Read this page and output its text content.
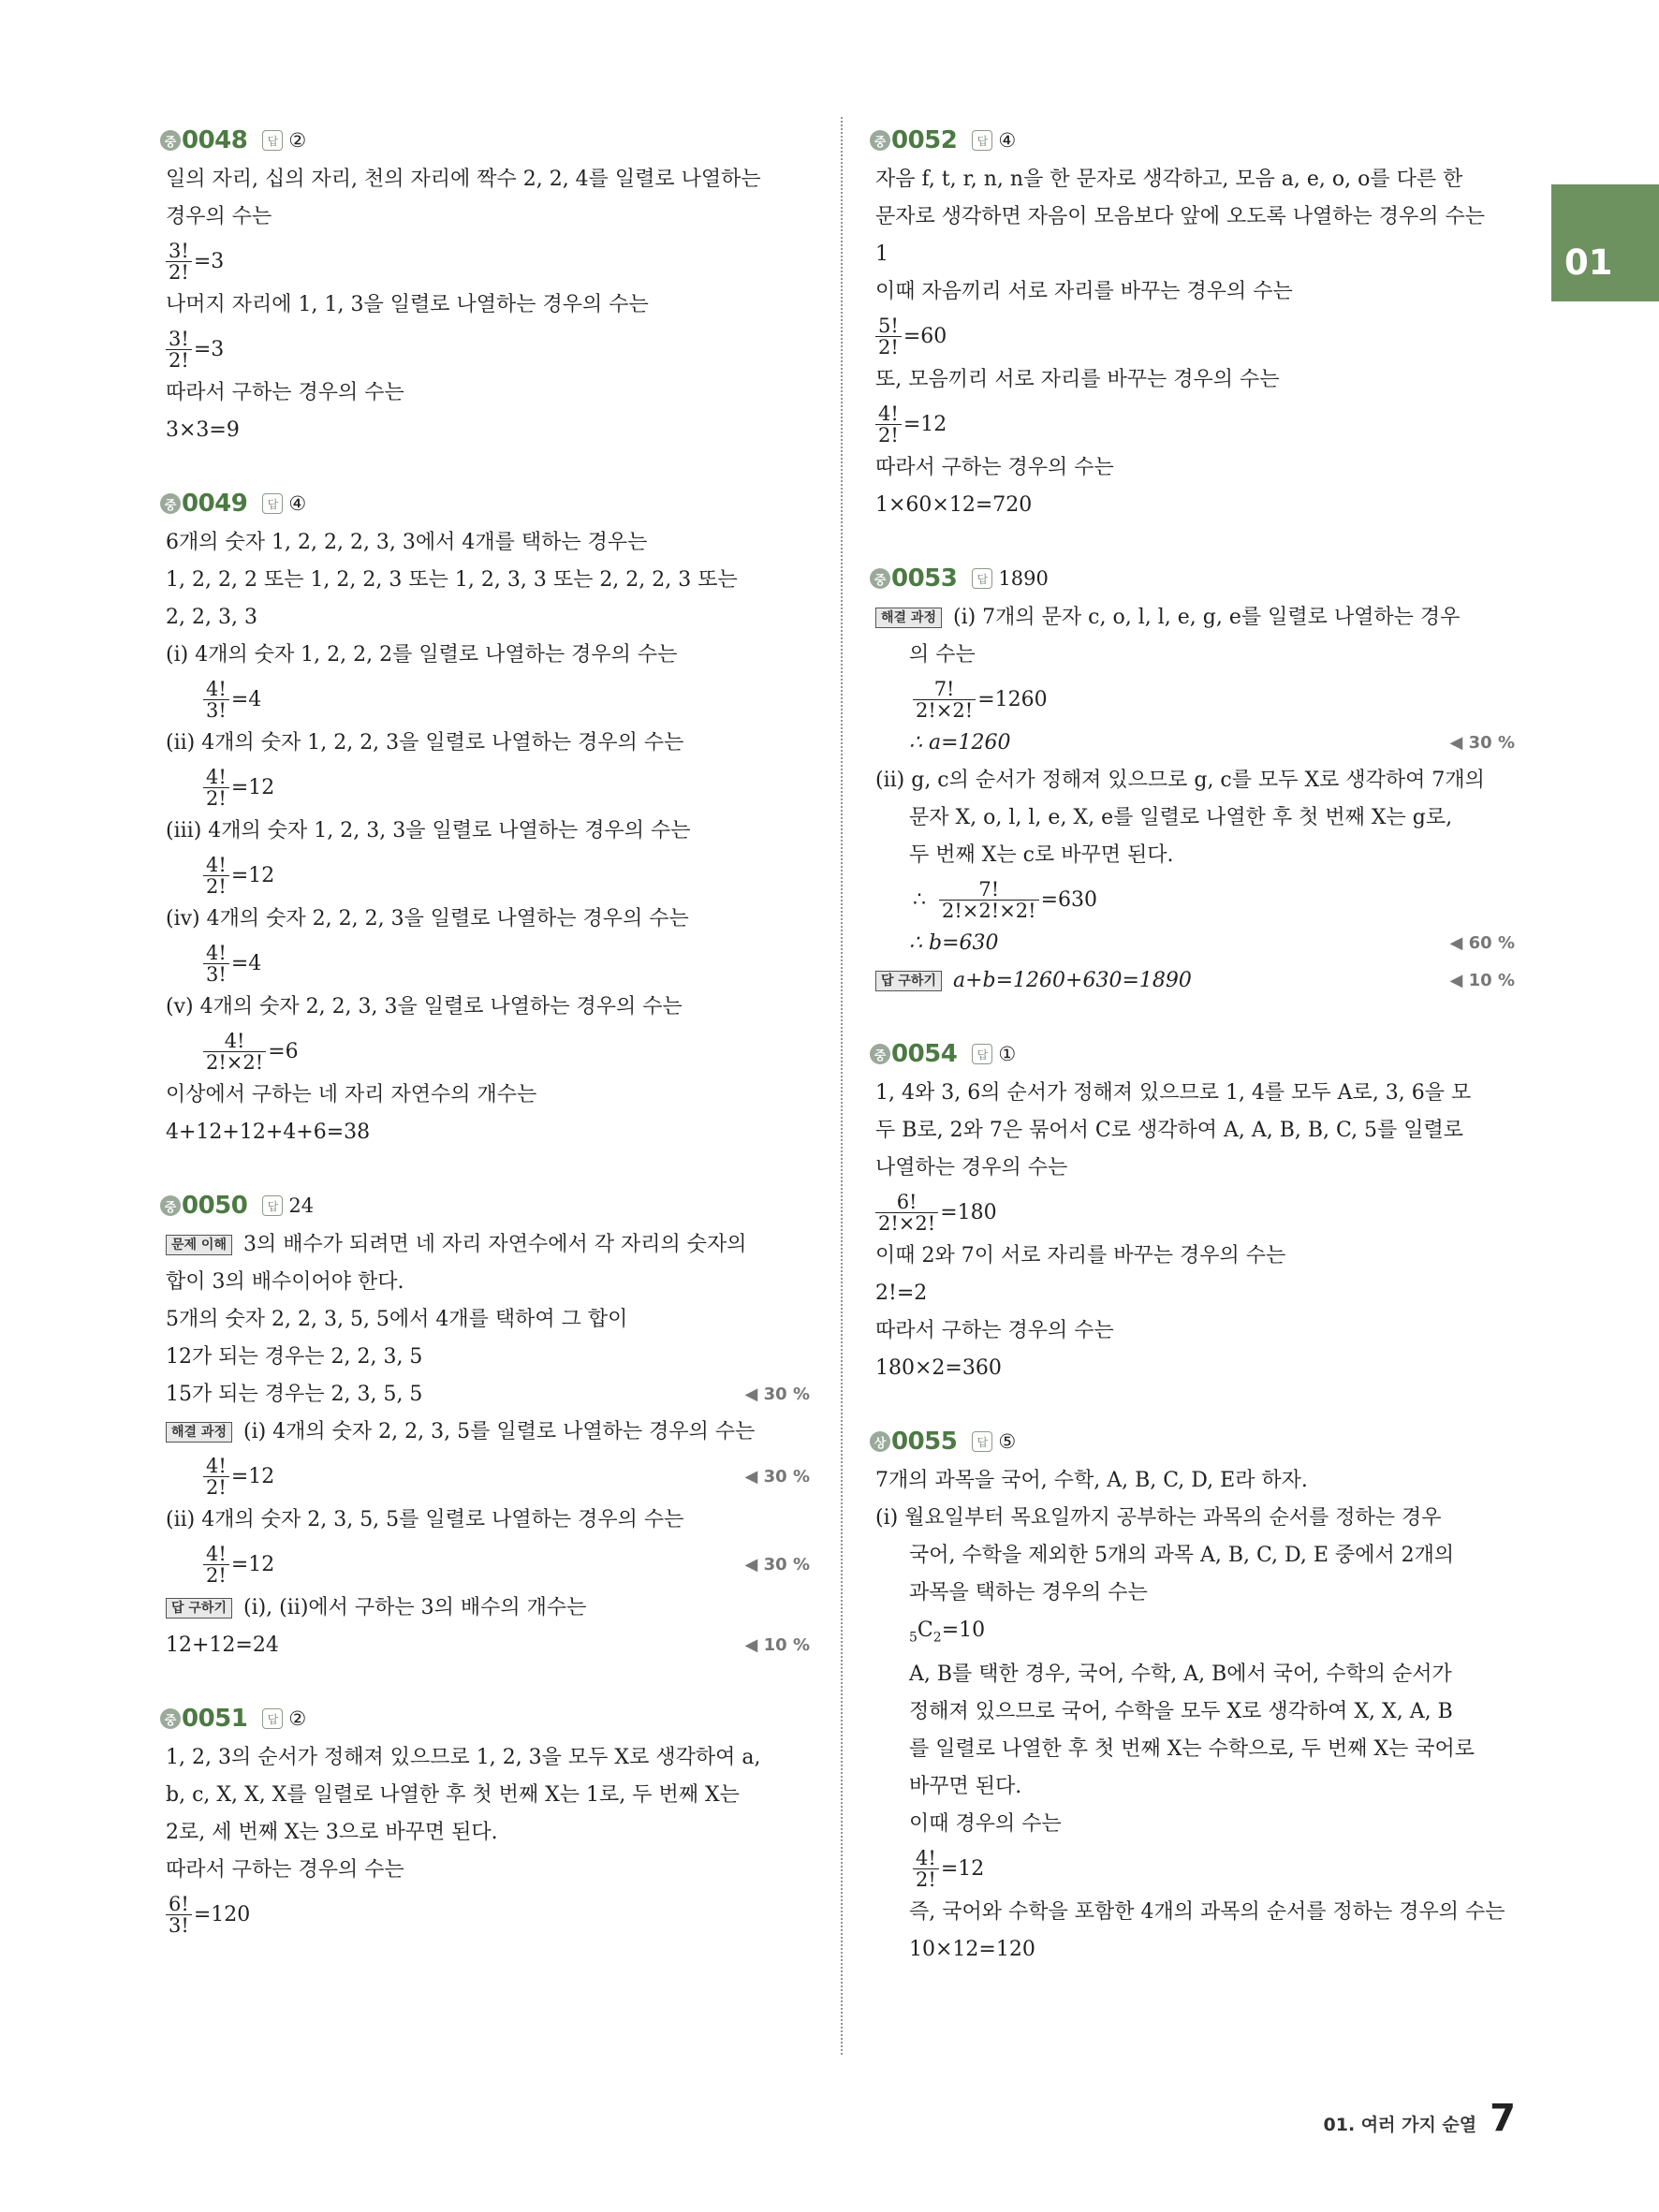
01
중 0048	답 ②
일의 자리, 십의 자리, 천의 자리에 짝수 2, 2, 4를 일렬로 나열하는
경우의 수는
$\frac{3!}{2!} =3$
나머지 자리에 1, 1, 3을 일렬로 나열하는 경우의 수는
$\frac{3!}{2!} =3$
따라서 구하는 경우의 수는
3×3=9
중 0049	답 ④
6개의 숫자 1, 2, 2, 2, 3, 3에서 4개를 택하는 경우는
1, 2, 2, 2 또는 1, 2, 2, 3 또는 1, 2, 3, 3 또는 2, 2, 2, 3 또는
2, 2, 3, 3
(ⅰ) 4개의 숫자 1, 2, 2, 2를 일렬로 나열하는 경우의 수는
$\frac{4!}{3!} =4$
(ⅱ) 4개의 숫자 1, 2, 2, 3을 일렬로 나열하는 경우의 수는
$\frac{4!}{2!} =12$
(ⅲ) 4개의 숫자 1, 2, 3, 3을 일렬로 나열하는 경우의 수는
$\frac{4!}{2!} =12$
(ⅳ) 4개의 숫자 2, 2, 2, 3을 일렬로 나열하는 경우의 수는
$\frac{4!}{3!} =4$
(ⅴ) 4개의 숫자 2, 2, 3, 3을 일렬로 나열하는 경우의 수는
$\frac{4!}{2!\times 2!} =6$
이상에서 구하는 네 자리 자연수의 개수는
4+12+12+4+6=38
중 0050	답 24
문제 이해 3의 배수가 되려면 네 자리 자연수에서 각 자리의 숫자의
합이 3의 배수이어야 한다.
5개의 숫자 2, 2, 3, 5, 5에서 4개를 택하여 그 합이
12가 되는 경우는 2, 2, 3, 5
15가 되는 경우는 2, 3, 5, 5	◀ 30 %
해결 과정 (ⅰ) 4개의 숫자 2, 2, 3, 5를 일렬로 나열하는 경우의 수는
$\frac{4!}{2!} =12$	◀ 30 %
(ⅱ) 4개의 숫자 2, 3, 5, 5를 일렬로 나열하는 경우의 수는
$\frac{4!}{2!} =12$	◀ 30 %
답 구하기 (ⅰ), (ⅱ)에서 구하는 3의 배수의 개수는
12+12=24	◀ 10 %
중 0051	답 ②
1, 2, 3의 순서가 정해져 있으므로 1, 2, 3을 모두 X로 생각하여 a,
b, c, X, X, X를 일렬로 나열한 후 첫 번째 X는 1로, 두 번째 X는
2로, 세 번째 X는 3으로 바꾸면 된다.
따라서 구하는 경우의 수는
$\frac{6!}{3!} =120$
중 0052	답 ④
자음 f, t, r, n, n을 한 문자로 생각하고, 모음 a, e, o, o를 다른 한
문자로 생각하면 자음이 모음보다 앞에 오도록 나열하는 경우의 수는
1
이때 자음끼리 서로 자리를 바꾸는 경우의 수는
$\frac{5!}{2!} =60$
또, 모음끼리 서로 자리를 바꾸는 경우의 수는
$\frac{4!}{2!} =12$
따라서 구하는 경우의 수는
1×60×12=720
중 0053	답 1890
해결 과정 (ⅰ) 7개의 문자 c, o, l, l, e, g, e를 일렬로 나열하는 경우
의 수는
$\frac{7!}{2!\times 2!} =1260$
∴ a=1260	◀ 30 %
(ⅱ) g, c의 순서가 정해져 있으므로 g, c를 모두 X로 생각하여 7개의
문자 X, o, l, l, e, X, e를 일렬로 나열한 후 첫 번째 X는 g로,
두 번째 X는 c로 바꾸면 된다.
∴ $\frac{7!}{2!\times 2!\times 2!} =630$
∴ b=630	◀ 60 %
답 구하기 a+b=1260+630=1890	◀ 10 %
중 0054	답 ①
1, 4와 3, 6의 순서가 정해져 있으므로 1, 4를 모두 A로, 3, 6을 모
두 B로, 2와 7은 묶어서 C로 생각하여 A, A, B, B, C, 5를 일렬로
나열하는 경우의 수는
$\frac{6!}{2!\times 2!} =180$
이때 2와 7이 서로 자리를 바꾸는 경우의 수는
2!=2
따라서 구하는 경우의 수는
180×2=360
상 0055	답 ⑤
7개의 과목을 국어, 수학, A, B, C, D, E라 하자.
(ⅰ) 월요일부터 목요일까지 공부하는 과목의 순서를 정하는 경우
국어, 수학을 제외한 5개의 과목 A, B, C, D, E 중에서 2개의
과목을 택하는 경우의 수는
$_5C_2=10$
A, B를 택한 경우, 국어, 수학, A, B에서 국어, 수학의 순서가
정해져 있으므로 국어, 수학을 모두 X로 생각하여 X, X, A, B
를 일렬로 나열한 후 첫 번째 X는 수학으로, 두 번째 X는 국어로
바꾸면 된다.
이때 경우의 수는
$\frac{4!}{2!} =12$
즉, 국어와 수학을 포함한 4개의 과목의 순서를 정하는 경우의 수는
10×12=120
01. 여러 가지 순열 7
